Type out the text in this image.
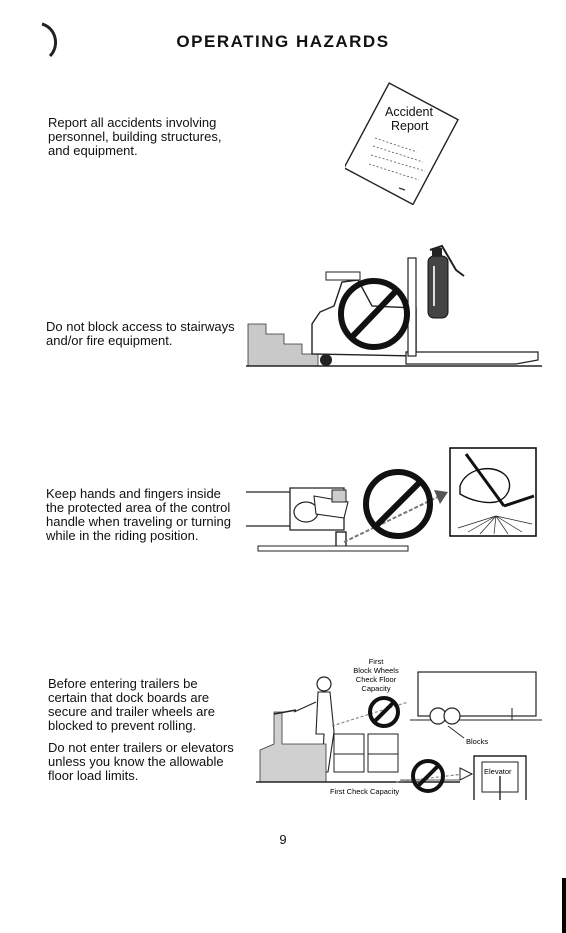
OPERATING HAZARDS

Report all accidents involving
personnel, building structures,
and equipment.

Accident
Report

Do not block access to stairways
and/or fire equipment.

Keep hands and fingers inside
the protected area of the control
handle when traveling or turning
while in the riding position.

Before entering trailers be
certain that dock boards are
secure and trailer wheels are
blocked to prevent rolling.

Do not enter trailers or elevators
unless you know the allowable
floor load limits.

First
Block Wheels
Check Floor
Capacity
Blocks
First Check Capacity
Elevator
9
